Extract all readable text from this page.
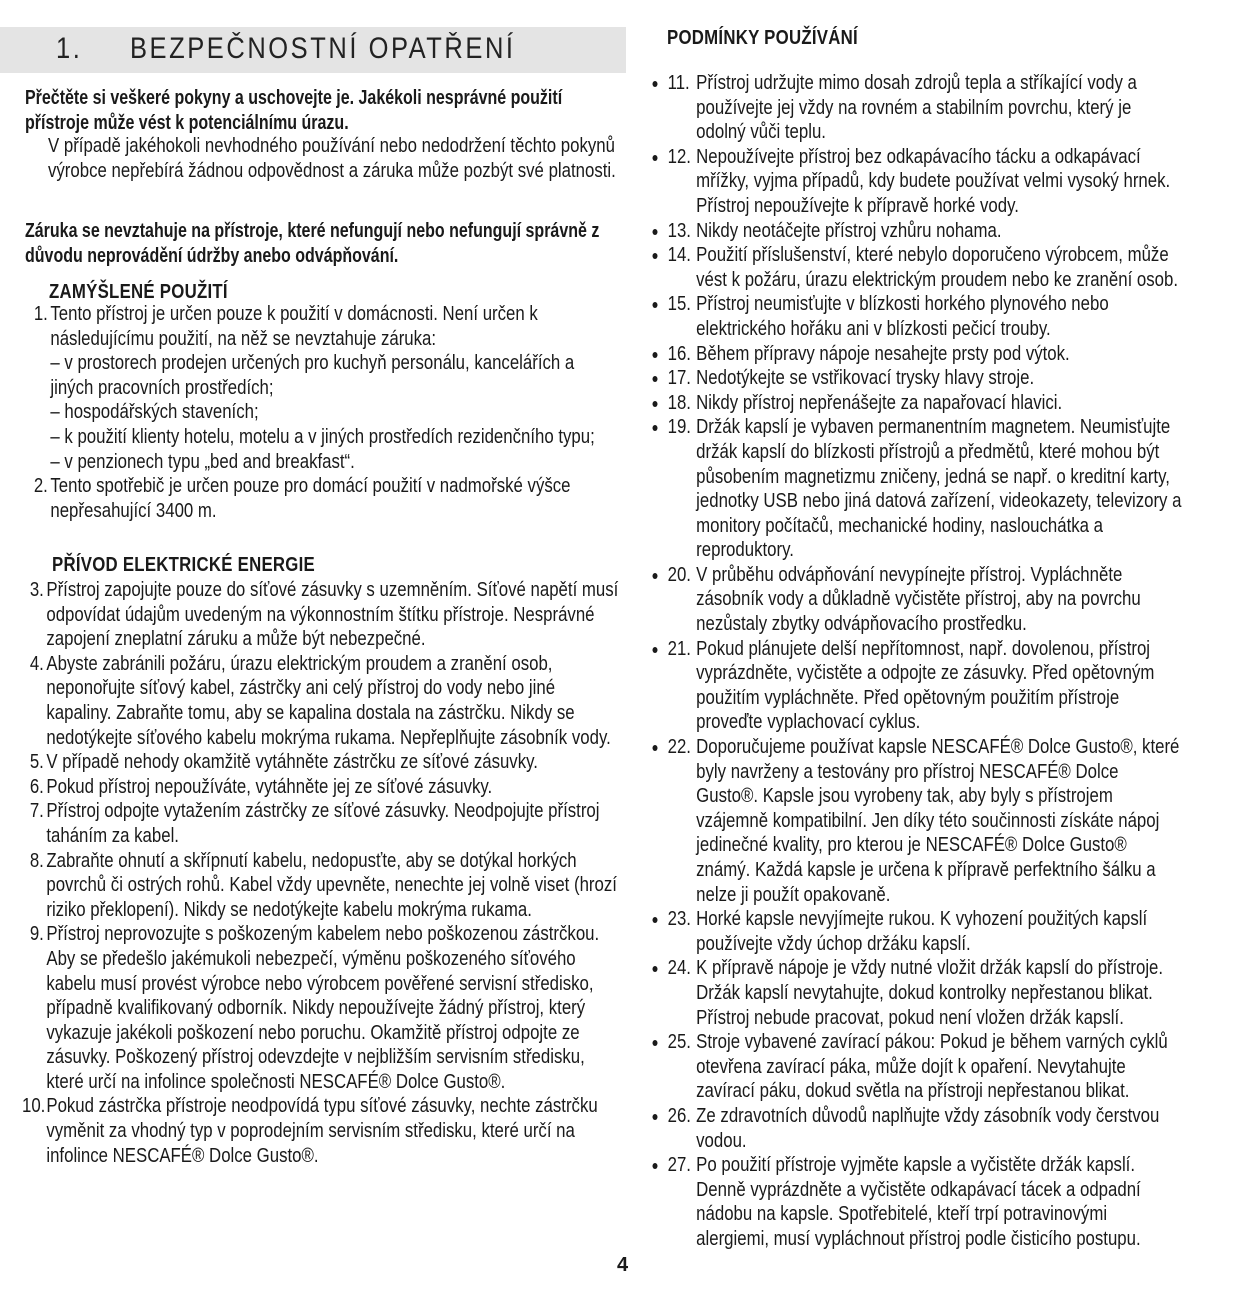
1. BEZPEČNOSTNÍ OPATŘENÍ
Přečtěte si veškeré pokyny a uschovejte je. Jakékoli nesprávné použití přístroje může vést k potenciálnímu úrazu.
V případě jakéhokoli nevhodného používání nebo nedodržení těchto pokynů výrobce nepřebírá žádnou odpovědnost a záruka může pozbýt své platnosti.
Záruka se nevztahuje na přístroje, které nefungují nebo nefungují správně z důvodu neprovádění údržby anebo odvápňování.
ZAMÝŠLENÉ POUŽITÍ
1. Tento přístroj je určen pouze k použití v domácnosti. Není určen k následujícímu použití, na něž se nevztahuje záruka:
– v prostorech prodejen určených pro kuchyň personálu, kancelářích a jiných pracovních prostředích;
– hospodářských staveních;
– k použití klienty hotelu, motelu a v jiných prostředích rezidenčního typu;
– v penzionech typu „bed and breakfast“.
2. Tento spotřebič je určen pouze pro domácí použití v nadmořské výšce nepřesahující 3400 m.
PŘÍVOD ELEKTRICKÉ ENERGIE
3. Přístroj zapojujte pouze do síťové zásuvky s uzemněním. Síťové napětí musí odpovídat údajům uvedeným na výkonnostním štítku přístroje. Nesprávné zapojení zneplatní záruku a může být nebezpečné.
4. Abyste zabránili požáru, úrazu elektrickým proudem a zranění osob, neponořujte síťový kabel, zástrčky ani celý přístroj do vody nebo jiné kapaliny. Zabraňte tomu, aby se kapalina dostala na zástrčku. Nikdy se nedotýkejte síťového kabelu mokrýma rukama. Nepřeplňujte zásobník vody.
5. V případě nehody okamžitě vytáhněte zástrčku ze síťové zásuvky.
6. Pokud přístroj nepoužíváte, vytáhněte jej ze síťové zásuvky.
7. Přístroj odpojte vytažením zástrčky ze síťové zásuvky. Neodpojujte přístroj taháním za kabel.
8. Zabraňte ohnutí a skřípnutí kabelu, nedopusťte, aby se dotýkal horkých povrchů či ostrých rohů. Kabel vždy upevněte, nenechte jej volně viset (hrozí riziko překlopení). Nikdy se nedotýkejte kabelu mokrýma rukama.
9. Přístroj neprovozujte s poškozeným kabelem nebo poškozenou zástrčkou. Aby se předešlo jakémukoli nebezpečí, výměnu poškozeného síťového kabelu musí provést výrobce nebo výrobcem pověřené servisní středisko, případně kvalifikovaný odborník. Nikdy nepoužívejte žádný přístroj, který vykazuje jakékoli poškození nebo poruchu. Okamžitě přístroj odpojte ze zásuvky. Poškozený přístroj odevzdejte v nejbližším servisním středisku, které určí na infolince společnosti NESCAFÉ® Dolce Gusto®.
10. Pokud zástrčka přístroje neodpovídá typu síťové zásuvky, nechte zástrčku vyměnit za vhodný typ v poprodejním servisním středisku, které určí na infolince NESCAFÉ® Dolce Gusto®.
PODMÍNKY POUŽÍVÁNÍ
• 11. Přístroj udržujte mimo dosah zdrojů tepla a stříkající vody a používejte jej vždy na rovném a stabilním povrchu, který je odolný vůči teplu.
• 12. Nepoužívejte přístroj bez odkapávacího tácku a odkapávací mřížky, vyjma případů, kdy budete používat velmi vysoký hrnek. Přístroj nepoužívejte k přípravě horké vody.
• 13. Nikdy neotáčejte přístroj vzhůru nohama.
• 14. Použití příslušenství, které nebylo doporučeno výrobcem, může vést k požáru, úrazu elektrickým proudem nebo ke zranění osob.
• 15. Přístroj neumisťujte v blízkosti horkého plynového nebo elektrického hořáku ani v blízkosti pečicí trouby.
• 16. Během přípravy nápoje nesahejte prsty pod výtok.
• 17. Nedotýkejte se vstřikovací trysky hlavy stroje.
• 18. Nikdy přístroj nepřenášejte za napařovací hlavici.
• 19. Držák kapslí je vybaven permanentním magnetem. Neumisťujte držák kapslí do blízkosti přístrojů a předmětů, které mohou být působením magnetizmu zničeny, jedná se např. o kreditní karty, jednotky USB nebo jiná datová zařízení, videokazety, televizory a monitory počítačů, mechanické hodiny, naslouchátka a reproduktory.
• 20. V průběhu odvápňování nevypínejte přístroj. Vypláchněte zásobník vody a důkladně vyčistěte přístroj, aby na povrchu nezůstaly zbytky odvápňovacího prostředku.
• 21. Pokud plánujete delší nepřítomnost, např. dovolenou, přístroj vyprázdněte, vyčistěte a odpojte ze zásuvky. Před opětovným použitím vypláchněte. Před opětovným použitím přístroje proveďte vyplachovací cyklus.
• 22. Doporučujeme používat kapsle NESCAFÉ® Dolce Gusto®, které byly navrženy a testovány pro přístroj NESCAFÉ® Dolce Gusto®. Kapsle jsou vyrobeny tak, aby byly s přístrojem vzájemně kompatibilní. Jen díky této součinnosti získáte nápoj jedinečné kvality, pro kterou je NESCAFÉ® Dolce Gusto® známý. Každá kapsle je určena k přípravě perfektního šálku a nelze ji použít opakovaně.
• 23. Horké kapsle nevyjímejte rukou. K vyhození použitých kapslí používejte vždy úchop držáku kapslí.
• 24. K přípravě nápoje je vždy nutné vložit držák kapslí do přístroje. Držák kapslí nevytahujte, dokud kontrolky nepřestanou blikat. Přístroj nebude pracovat, pokud není vložen držák kapslí.
• 25. Stroje vybavené zavírací pákou: Pokud je během varných cyklů otevřena zavírací páka, může dojít k opaření. Nevytahujte zavírací páku, dokud světla na přístroji nepřestanou blikat.
• 26. Ze zdravotních důvodů naplňujte vždy zásobník vody čerstvou vodou.
• 27. Po použití přístroje vyjměte kapsle a vyčistěte držák kapslí. Denně vyprázdněte a vyčistěte odkapávací tácek a odpadní nádobu na kapsle. Spotřebitelé, kteří trpí potravinovými alergiemi, musí vypláchnout přístroj podle čisticího postupu.
4
